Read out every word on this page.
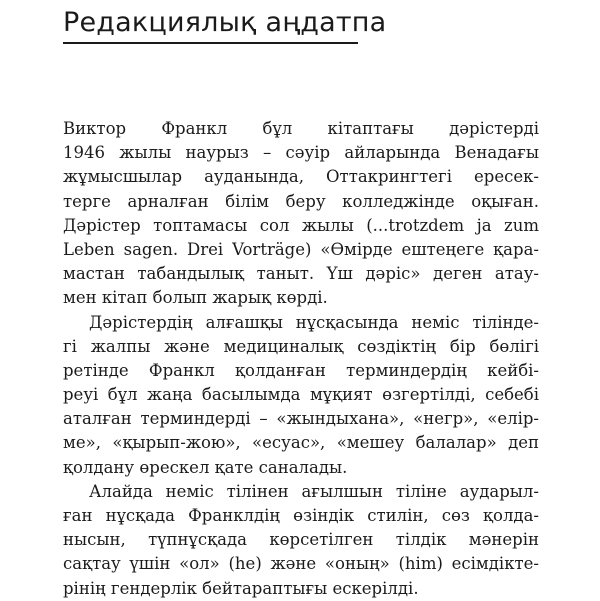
Редакциялық аңдатпа
Виктор Франкл бұл кітаптағы дәрістерді
1946 жылы наурыз – сәуір айларында Венадағы
жұмысшылар ауданында, Оттакрингтегі ересек-
терге арналған білім беру колледжінде оқыған.
Дәрістер топтамасы сол жылы (...trotzdem ja zum
Leben sagen. Drei Vorträge) «Өмірде ештеңеге қара-
мастан табандылық таныт. Үш дәріс» деген атау-
мен кітап болып жарық көрді.
Дәрістердің алғашқы нұсқасында неміс тілінде-
гі жалпы және медициналық сөздіктің бір бөлігі
ретінде Франкл қолданған терминдердің кейбі-
реуі бұл жаңа басылымда мұқият өзгертілді, себебі
аталған терминдерді – «жындыхана», «негр», «елір-
ме», «қырып-жою», «есуас», «мешеу балалар» деп
қолдану өрескел қате саналады.
Алайда неміс тілінен ағылшын тіліне аударыл-
ған нұсқада Франклдің өзіндік стилін, сөз қолда-
нысын, түпнұсқада көрсетілген тілдік мәнерін
сақтау үшін «ол» (he) және «оның» (him) есімдікте-
рінің гендерлік бейтараптығы ескерілді.
